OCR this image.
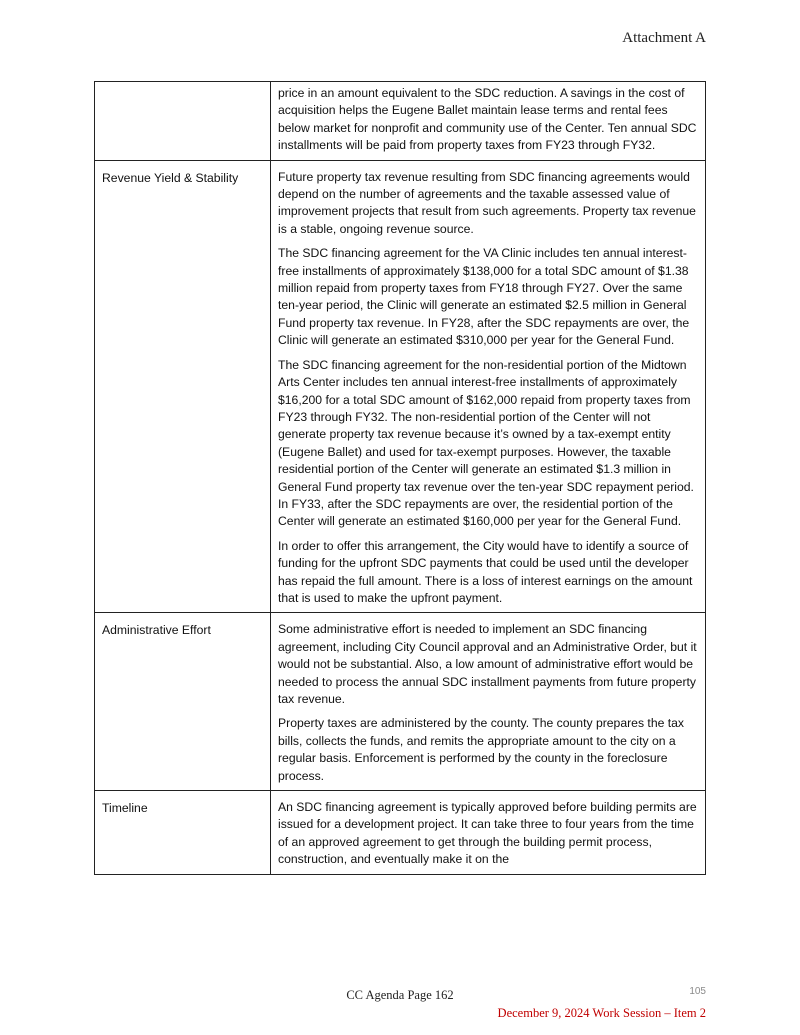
Attachment A

	price in an amount equivalent to the SDC reduction. A savings in the cost of acquisition helps the Eugene Ballet maintain lease terms and rental fees below market for nonprofit and community use of the Center. Ten annual SDC installments will be paid from property taxes from FY23 through FY32.

Revenue Yield & Stability	Future property tax revenue resulting from SDC financing agreements would depend on the number of agreements and the taxable assessed value of improvement projects that result from such agreements. Property tax revenue is a stable, ongoing revenue source.

The SDC financing agreement for the VA Clinic includes ten annual interest-free installments of approximately $138,000 for a total SDC amount of $1.38 million repaid from property taxes from FY18 through FY27. Over the same ten-year period, the Clinic will generate an estimated $2.5 million in General Fund property tax revenue. In FY28, after the SDC repayments are over, the Clinic will generate an estimated $310,000 per year for the General Fund.

The SDC financing agreement for the non-residential portion of the Midtown Arts Center includes ten annual interest-free installments of approximately $16,200 for a total SDC amount of $162,000 repaid from property taxes from FY23 through FY32. The non-residential portion of the Center will not generate property tax revenue because it’s owned by a tax-exempt entity (Eugene Ballet) and used for tax-exempt purposes. However, the taxable residential portion of the Center will generate an estimated $1.3 million in General Fund property tax revenue over the ten-year SDC repayment period. In FY33, after the SDC repayments are over, the residential portion of the Center will generate an estimated $160,000 per year for the General Fund.

In order to offer this arrangement, the City would have to identify a source of funding for the upfront SDC payments that could be used until the developer has repaid the full amount. There is a loss of interest earnings on the amount that is used to make the upfront payment.

Administrative Effort	Some administrative effort is needed to implement an SDC financing agreement, including City Council approval and an Administrative Order, but it would not be substantial. Also, a low amount of administrative effort would be needed to process the annual SDC installment payments from future property tax revenue.

Property taxes are administered by the county. The county prepares the tax bills, collects the funds, and remits the appropriate amount to the city on a regular basis. Enforcement is performed by the county in the foreclosure process.

Timeline	An SDC financing agreement is typically approved before building permits are issued for a development project. It can take three to four years from the time of an approved agreement to get through the building permit process, construction, and eventually make it on the

CC Agenda Page 162	105
December 9, 2024 Work Session – Item 2
